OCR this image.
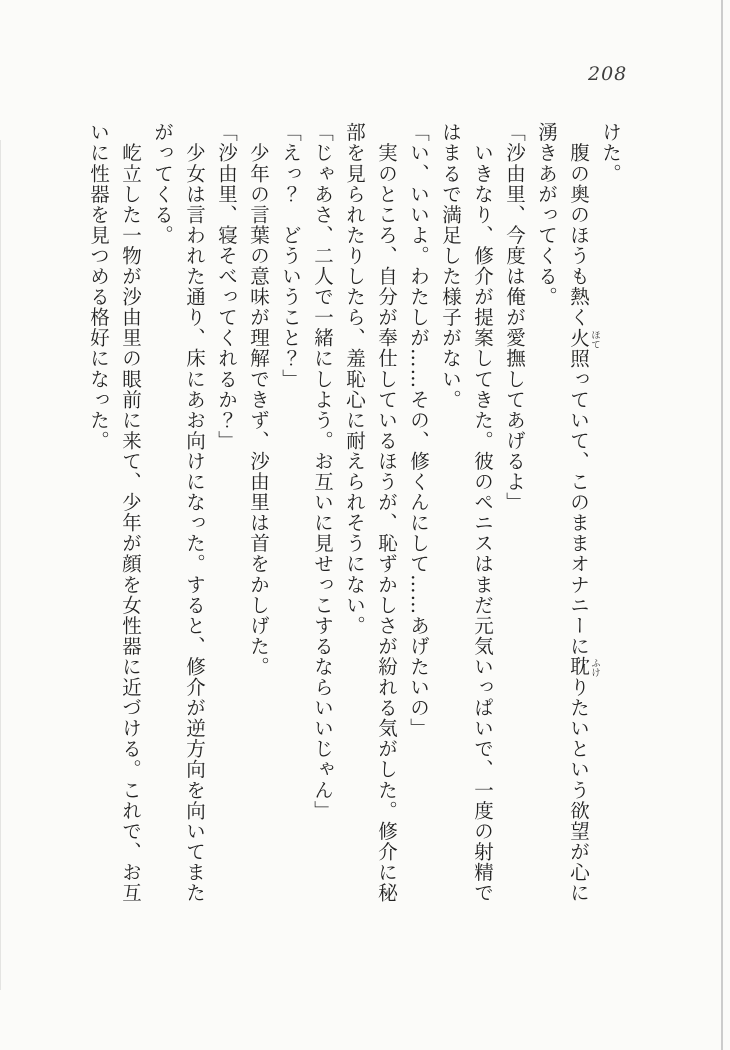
208
けた。
　腹の奥のほうも熱く火照 ほて
っていて、このままオナニーに耽 ふけ
りたいという欲望が心に
湧きあがってくる。
「沙由里、今度は俺が愛撫してあげるよ」
　いきなり、修介が提案してきた。彼のペニスはまだ元気いっぱいで、一度の射精で
はまるで満足した様子がない。
「い、いいよ。わたしが……その、修くんにして……あげたいの」
　実のところ、自分が奉仕しているほうが、恥ずかしさが紛れる気がした。修介に秘
部を見られたりしたら、羞恥心に耐えられそうにない。
「じゃあさ、二人で一緒にしよう。お互いに見せっこするならいいじゃん」
「えっ？　どういうこと？」
　少年の言葉の意味が理解できず、沙由里は首をかしげた。
「沙由里、寝そべってくれるか？」
　少女は言われた通り、床にあお向けになった。すると、修介が逆方向を向いてまた
がってくる。
　屹立した一物が沙由里の眼前に来て、少年が顔を女性器に近づける。これで、お互
いに性器を見つめる格好になった。
